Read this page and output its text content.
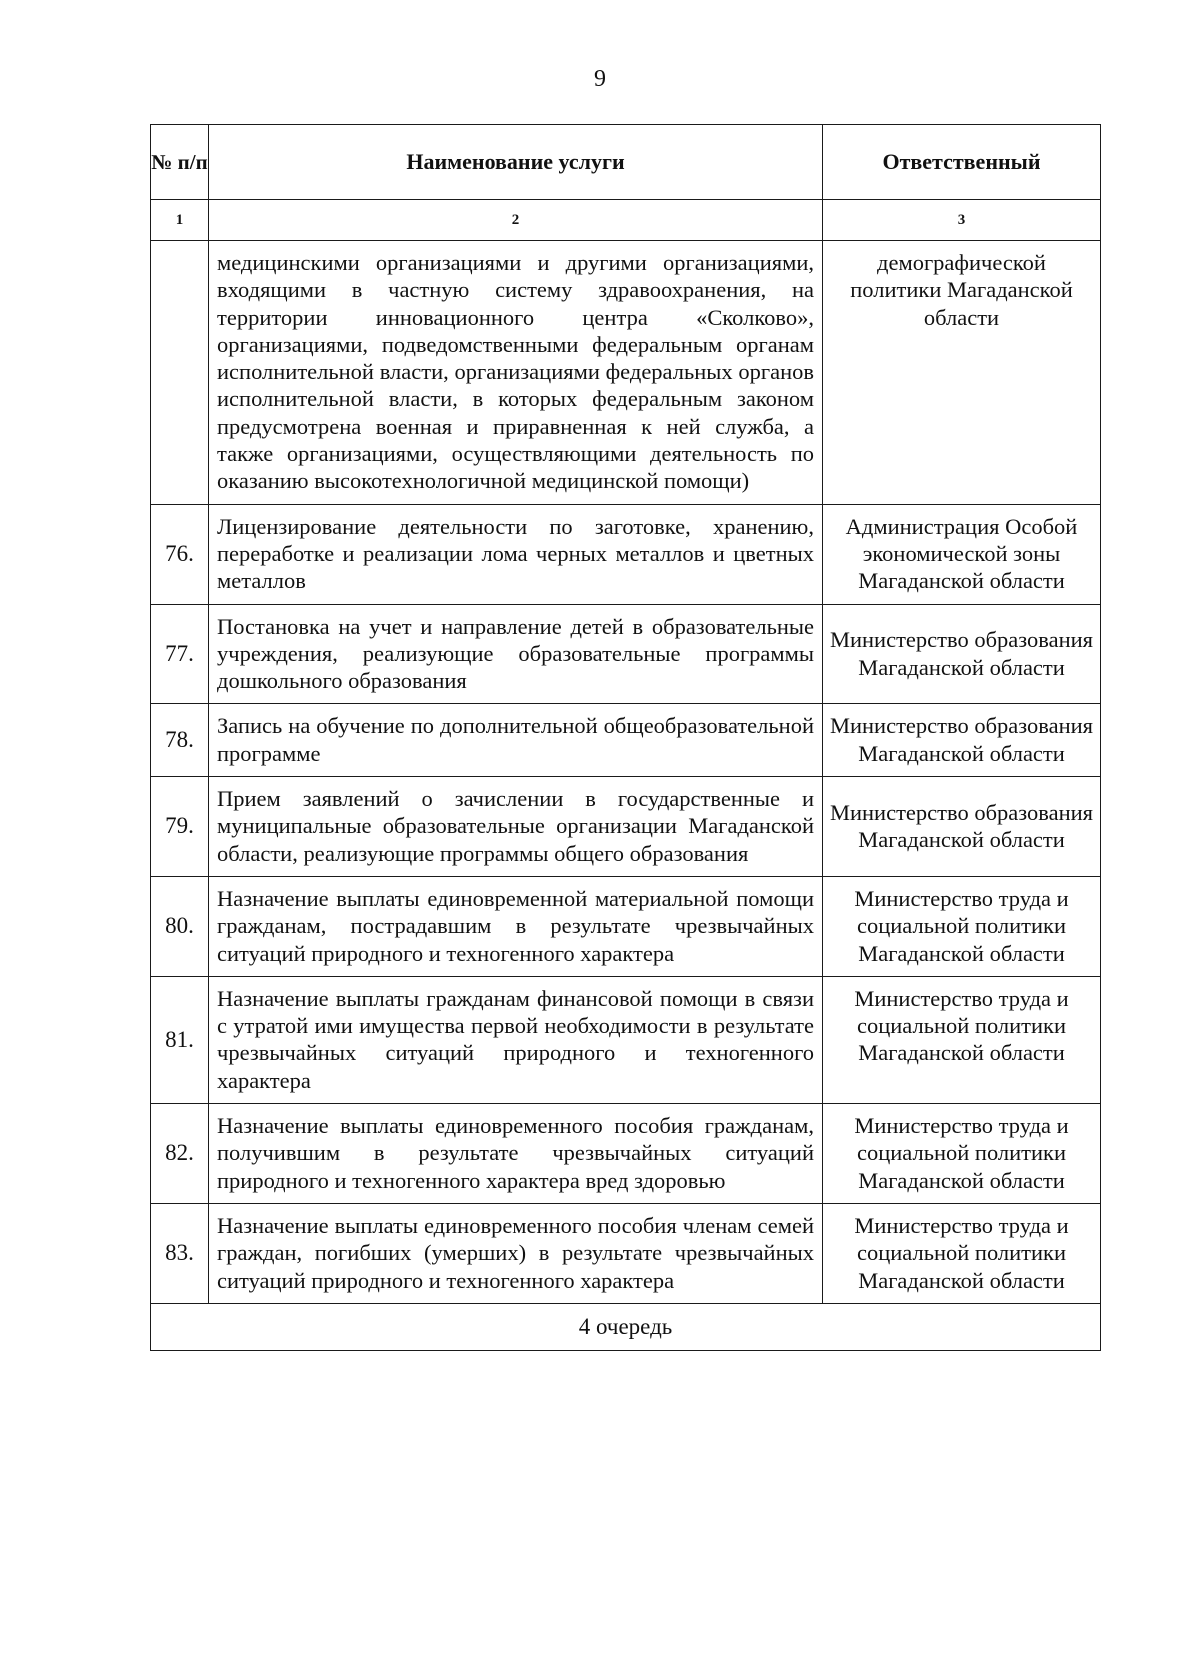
9
№ п/п	Наименование услуги	Ответственный
1	2	3
	медицинскими организациями и другими организациями, входящими в частную систему здравоохранения, на территории инновационного центра «Сколково», организациями, подведомственными федеральным органам исполнительной власти, организациями федеральных органов исполнительной власти, в которых федеральным законом предусмотрена военная и приравненная к ней служба, а также организациями, осуществляющими деятельность по оказанию высокотехнологичной медицинской помощи)	демографической политики Магаданской области
76.	Лицензирование деятельности по заготовке, хранению, переработке и реализации лома черных металлов и цветных металлов	Администрация Особой экономической зоны Магаданской области
77.	Постановка на учет и направление детей в образовательные учреждения, реализующие образовательные программы дошкольного образования	Министерство образования Магаданской области
78.	Запись на обучение по дополнительной общеобразовательной программе	Министерство образования Магаданской области
79.	Прием заявлений о зачислении в государственные и муниципальные образовательные организации Магаданской области, реализующие программы общего образования	Министерство образования Магаданской области
80.	Назначение выплаты единовременной материальной помощи гражданам, пострадавшим в результате чрезвычайных ситуаций природного и техногенного характера	Министерство труда и социальной политики Магаданской области
81.	Назначение выплаты гражданам финансовой помощи в связи с утратой ими имущества первой необходимости в результате чрезвычайных ситуаций природного и техногенного характера	Министерство труда и социальной политики Магаданской области
82.	Назначение выплаты единовременного пособия гражданам, получившим в результате чрезвычайных ситуаций природного и техногенного характера вред здоровью	Министерство труда и социальной политики Магаданской области
83.	Назначение выплаты единовременного пособия членам семей граждан, погибших (умерших) в результате чрезвычайных ситуаций природного и техногенного характера	Министерство труда и социальной политики Магаданской области
4 очередь		
